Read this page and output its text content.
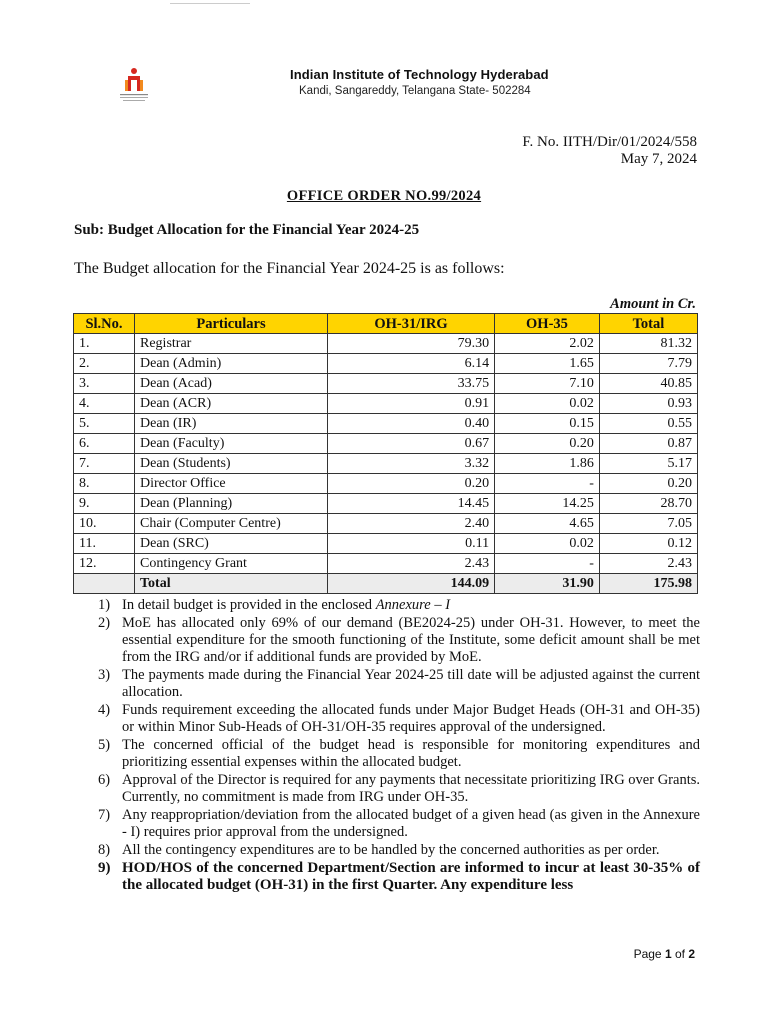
Indian Institute of Technology Hyderabad
Kandi, Sangareddy, Telangana State- 502284
F. No. IITH/Dir/01/2024/558
May 7, 2024
OFFICE ORDER NO.99/2024
Sub: Budget Allocation for the Financial Year 2024-25
The Budget allocation for the Financial Year 2024-25 is as follows:
Amount in Cr.
Sl.No.	Particulars	OH-31/IRG	OH-35	Total
1.	Registrar	79.30	2.02	81.32
2.	Dean (Admin)	6.14	1.65	7.79
3.	Dean (Acad)	33.75	7.10	40.85
4.	Dean (ACR)	0.91	0.02	0.93
5.	Dean (IR)	0.40	0.15	0.55
6.	Dean (Faculty)	0.67	0.20	0.87
7.	Dean (Students)	3.32	1.86	5.17
8.	Director Office	0.20	-	0.20
9.	Dean (Planning)	14.45	14.25	28.70
10.	Chair (Computer Centre)	2.40	4.65	7.05
11.	Dean (SRC)	0.11	0.02	0.12
12.	Contingency Grant	2.43	-	2.43
	Total	144.09	31.90	175.98
1) In detail budget is provided in the enclosed Annexure – I
2) MoE has allocated only 69% of our demand (BE2024-25) under OH-31. However, to meet the essential expenditure for the smooth functioning of the Institute, some deficit amount shall be met from the IRG and/or if additional funds are provided by MoE.
3) The payments made during the Financial Year 2024-25 till date will be adjusted against the current allocation.
4) Funds requirement exceeding the allocated funds under Major Budget Heads (OH-31 and OH-35) or within Minor Sub-Heads of OH-31/OH-35 requires approval of the undersigned.
5) The concerned official of the budget head is responsible for monitoring expenditures and prioritizing essential expenses within the allocated budget.
6) Approval of the Director is required for any payments that necessitate prioritizing IRG over Grants. Currently, no commitment is made from IRG under OH-35.
7) Any reappropriation/deviation from the allocated budget of a given head (as given in the Annexure - I) requires prior approval from the undersigned.
8) All the contingency expenditures are to be handled by the concerned authorities as per order.
9) HOD/HOS of the concerned Department/Section are informed to incur at least 30-35% of the allocated budget (OH-31) in the first Quarter. Any expenditure less
Page 1 of 2
